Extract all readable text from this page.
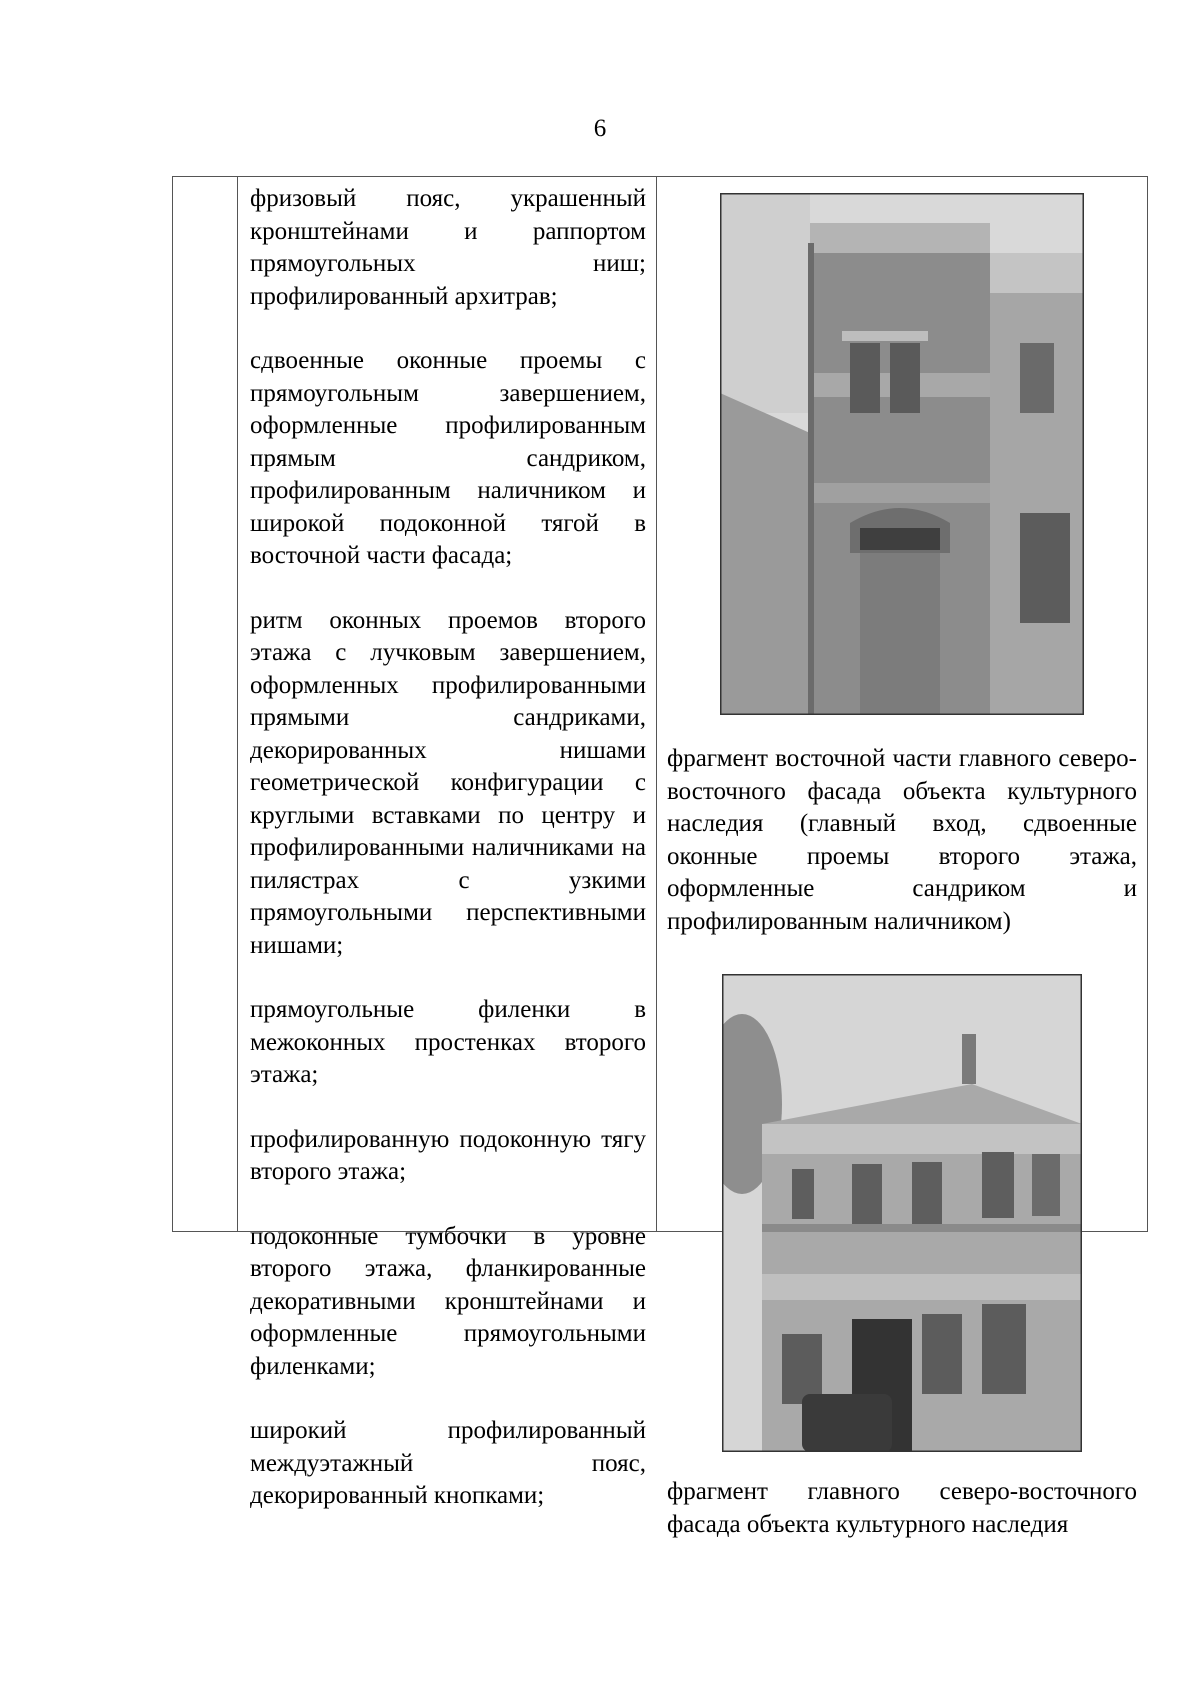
6

фризовый пояс, украшенный кронштейнами и раппортом прямоугольных ниш; профилированный архитрав;

сдвоенные оконные проемы с прямоугольным завершением, оформленные профилированным прямым сандриком, профилированным наличником и широкой подоконной тягой в восточной части фасада;

ритм оконных проемов второго этажа с лучковым завершением, оформленных профилированными прямыми сандриками, декорированных нишами геометрической конфигурации с круглыми вставками по центру и профилированными наличниками на пилястрах с узкими прямоугольными перспективными нишами;

прямоугольные филенки в межоконных простенках второго этажа;

профилированную подоконную тягу второго этажа;

подоконные тумбочки в уровне второго этажа, фланкированные декоративными кронштейнами и оформленные прямоугольными филенками;

широкий профилированный междуэтажный пояс, декорированный кнопками;

фрагмент восточной части главного северо-восточного фасада объекта культурного наследия (главный вход, сдвоенные оконные проемы второго этажа, оформленные сандриком и профилированным наличником)

фрагмент главного северо-восточного фасада объекта культурного наследия
